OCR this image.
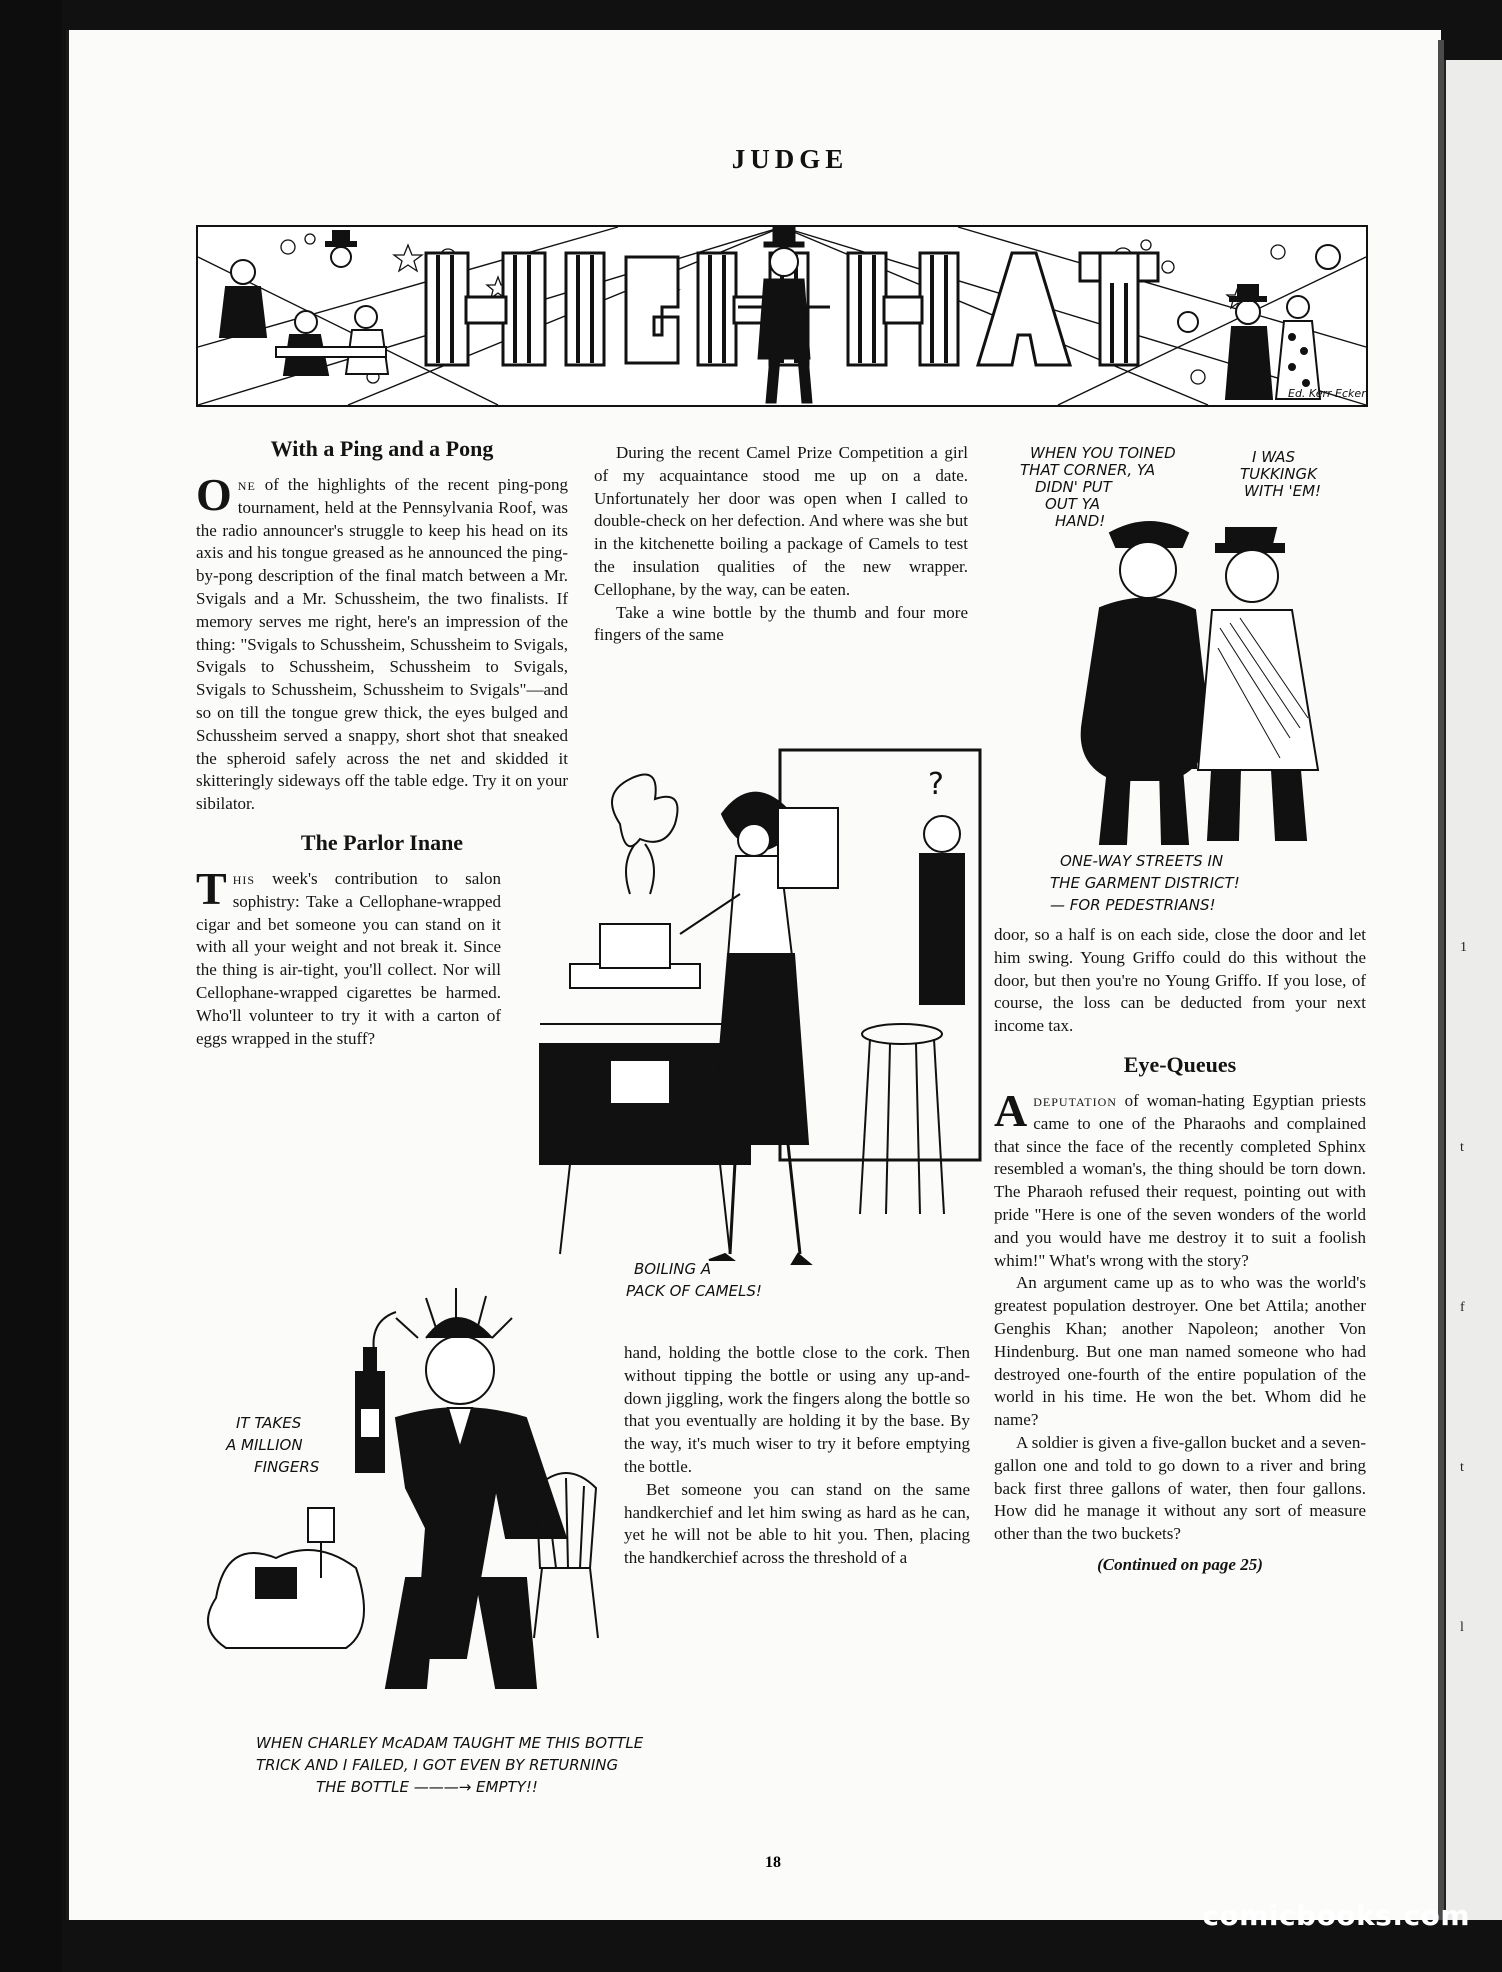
1
t
f
t
l
JUDGE
Ed. Kerr Ecker
With a Ping and a Pong

One of the highlights of the recent ping-pong tournament, held at the Pennsylvania Roof, was the radio announcer's struggle to keep his head on its axis and his tongue greased as he announced the ping-by-pong description of the final match between a Mr. Svigals and a Mr. Schussheim, the two finalists. If memory serves me right, here's an impression of the thing: "Svigals to Schussheim, Schussheim to Svigals, Svigals to Schussheim, Schussheim to Svigals, Svigals to Schussheim, Schussheim to Svigals"—and so on till the tongue grew thick, the eyes bulged and Schussheim served a snappy, short shot that sneaked the spheroid safely across the net and skidded it skitteringly sideways off the table edge. Try it on your sibilator.

The Parlor Inane

This week's contribution to salon sophistry: Take a Cellophane-wrapped cigar and bet someone you can stand on it with all your weight and not break it. Since the thing is air-tight, you'll collect. Nor will Cellophane-wrapped cigarettes be harmed. Who'll volunteer to try it with a carton of eggs wrapped in the stuff?

During the recent Camel Prize Competition a girl of my acquaintance stood me up on a date. Unfortunately her door was open when I called to double-check on her defection. And where was she but in the kitchenette boiling a package of Camels to test the insulation qualities of the new wrapper. Cellophane, by the way, can be eaten.

Take a wine bottle by the thumb and four more fingers of the same

hand, holding the bottle close to the cork. Then without tipping the bottle or using any up-and-down jiggling, work the fingers along the bottle so that you eventually are holding it by the base. By the way, it's much wiser to try it before emptying the bottle.

Bet someone you can stand on the same handkerchief and let him swing as hard as he can, yet he will not be able to hit you. Then, placing the handkerchief across the threshold of a

door, so a half is on each side, close the door and let him swing. Young Griffo could do this without the door, but then you're no Young Griffo. If you lose, of course, the loss can be deducted from your next income tax.

Eye-Queues

Adeputation of woman-hating Egyptian priests came to one of the Pharaohs and complained that since the face of the recently completed Sphinx resembled a woman's, the thing should be torn down. The Pharaoh refused their request, pointing out with pride "Here is one of the seven wonders of the world and you would have me destroy it to suit a foolish whim!" What's wrong with the story?

An argument came up as to who was the world's greatest population destroyer. One bet Attila; another Genghis Khan; another Napoleon; another Von Hindenburg. But one man named someone who had destroyed one-fourth of the entire population of the world in his time. He won the bet. Whom did he name?

A soldier is given a five-gallon bucket and a seven-gallon one and told to go down to a river and bring back first three gallons of water, then four gallons. How did he manage it without any sort of measure other than the two buckets?

(Continued on page 25)
WHEN YOU TOINED THAT CORNER, YA DIDN' PUT OUT YA HAND!
I WAS TUKKINGK WITH 'EM!
ONE-WAY STREETS IN
THE GARMENT DISTRICT!
— FOR PEDESTRIANS!
?
BOILING A
PACK OF CAMELS!
IT TAKES
A MILLION
FINGERS
WHEN CHARLEY McADAM TAUGHT ME THIS BOTTLE
TRICK AND I FAILED, I GOT EVEN BY RETURNING
THE BOTTLE ———→ EMPTY!!
18
comicbooks.com
